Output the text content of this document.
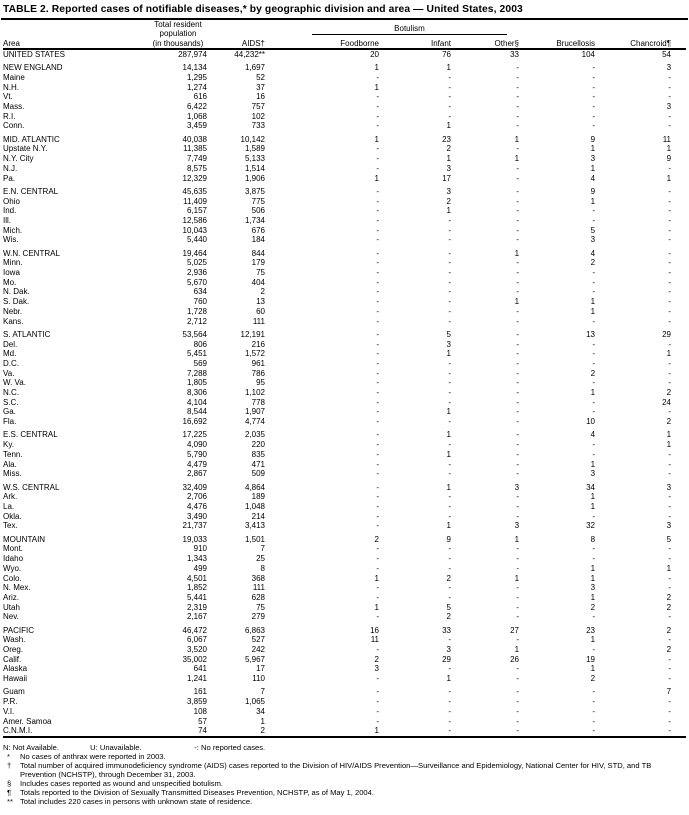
TABLE 2. Reported cases of notifiable diseases,* by geographic division and area — United States, 2003
Area	Total resident
population
(in thousands)	AIDS†	Botulism			Brucellosis	Chancroid¶	
			Foodborne	Infant	Other§			
UNITED STATES	287,974	44,232**	20	76	33	104	54	

NEW ENGLAND	14,134	1,697	1	1	-	-	3	
Maine	1,295	52	-	-	-	-	-	
N.H.	1,274	37	1	-	-	-	-	
Vt.	616	16	-	-	-	-	-	
Mass.	6,422	757	-	-	-	-	3	
R.I.	1,068	102	-	-	-	-	-	
Conn.	3,459	733	-	1	-	-	-	

MID. ATLANTIC	40,038	10,142	1	23	1	9	11	
Upstate N.Y.	11,385	1,589	-	2	-	1	1	
N.Y. City	7,749	5,133	-	1	1	3	9	
N.J.	8,575	1,514	-	3	-	1	-	
Pa.	12,329	1,906	1	17	-	4	1	

E.N. CENTRAL	45,635	3,875	-	3	-	9	-	
Ohio	11,409	775	-	2	-	1	-	
Ind.	6,157	506	-	1	-	-	-	
Ill.	12,586	1,734	-	-	-	-	-	
Mich.	10,043	676	-	-	-	5	-	
Wis.	5,440	184	-	-	-	3	-	

W.N. CENTRAL	19,464	844	-	-	1	4	-	
Minn.	5,025	179	-	-	-	2	-	
Iowa	2,936	75	-	-	-	-	-	
Mo.	5,670	404	-	-	-	-	-	
N. Dak.	634	2	-	-	-	-	-	
S. Dak.	760	13	-	-	1	1	-	
Nebr.	1,728	60	-	-	-	1	-	
Kans.	2,712	111	-	-	-	-	-	

S. ATLANTIC	53,564	12,191	-	5	-	13	29	
Del.	806	216	-	3	-	-	-	
Md.	5,451	1,572	-	1	-	-	1	
D.C.	569	961	-	-	-	-	-	
Va.	7,288	786	-	-	-	2	-	
W. Va.	1,805	95	-	-	-	-	-	
N.C.	8,306	1,102	-	-	-	1	2	
S.C.	4,104	778	-	-	-	-	24	
Ga.	8,544	1,907	-	1	-	-	-	
Fla.	16,692	4,774	-	-	-	10	2	

E.S. CENTRAL	17,225	2,035	-	1	-	4	1	
Ky.	4,090	220	-	-	-	-	1	
Tenn.	5,790	835	-	1	-	-	-	
Ala.	4,479	471	-	-	-	1	-	
Miss.	2,867	509	-	-	-	3	-	

W.S. CENTRAL	32,409	4,864	-	1	3	34	3	
Ark.	2,706	189	-	-	-	1	-	
La.	4,476	1,048	-	-	-	1	-	
Okla.	3,490	214	-	-	-	-	-	
Tex.	21,737	3,413	-	1	3	32	3	

MOUNTAIN	19,033	1,501	2	9	1	8	5	
Mont.	910	7	-	-	-	-	-	
Idaho	1,343	25	-	-	-	-	-	
Wyo.	499	8	-	-	-	1	1	
Colo.	4,501	368	1	2	1	1	-	
N. Mex.	1,852	111	-	-	-	3	-	
Ariz.	5,441	628	-	-	-	1	2	
Utah	2,319	75	1	5	-	2	2	
Nev.	2,167	279	-	2	-	-	-	

PACIFIC	46,472	6,863	16	33	27	23	2	
Wash.	6,067	527	11	-	-	1	-	
Oreg.	3,520	242	-	3	1	-	2	
Calif.	35,002	5,967	2	29	26	19	-	
Alaska	641	17	3	-	-	1	-	
Hawaii	1,241	110	-	1	-	2	-	

Guam	161	7	-	-	-	-	7	
P.R.	3,859	1,065	-	-	-	-	-	
V.I.	108	34	-	-	-	-	-	
Amer. Samoa	57	1	-	-	-	-	-	
C.N.M.I.	74	2	1	-	-	-	-	
N: Not Available.	U: Unavailable.	-: No reported cases.
*	No cases of anthrax were reported in 2003.
†	Total number of acquired immunodeficiency syndrome (AIDS) cases reported to the Division of HIV/AIDS Prevention—Surveillance and Epidemiology, National Center for HIV, STD, and TB Prevention (NCHSTP), through December 31, 2003.
§	Includes cases reported as wound and unspecified botulism.
¶	Totals reported to the Division of Sexually Transmitted Diseases Prevention, NCHSTP, as of May 1, 2004.
** Total includes 220 cases in persons with unknown state of residence.
